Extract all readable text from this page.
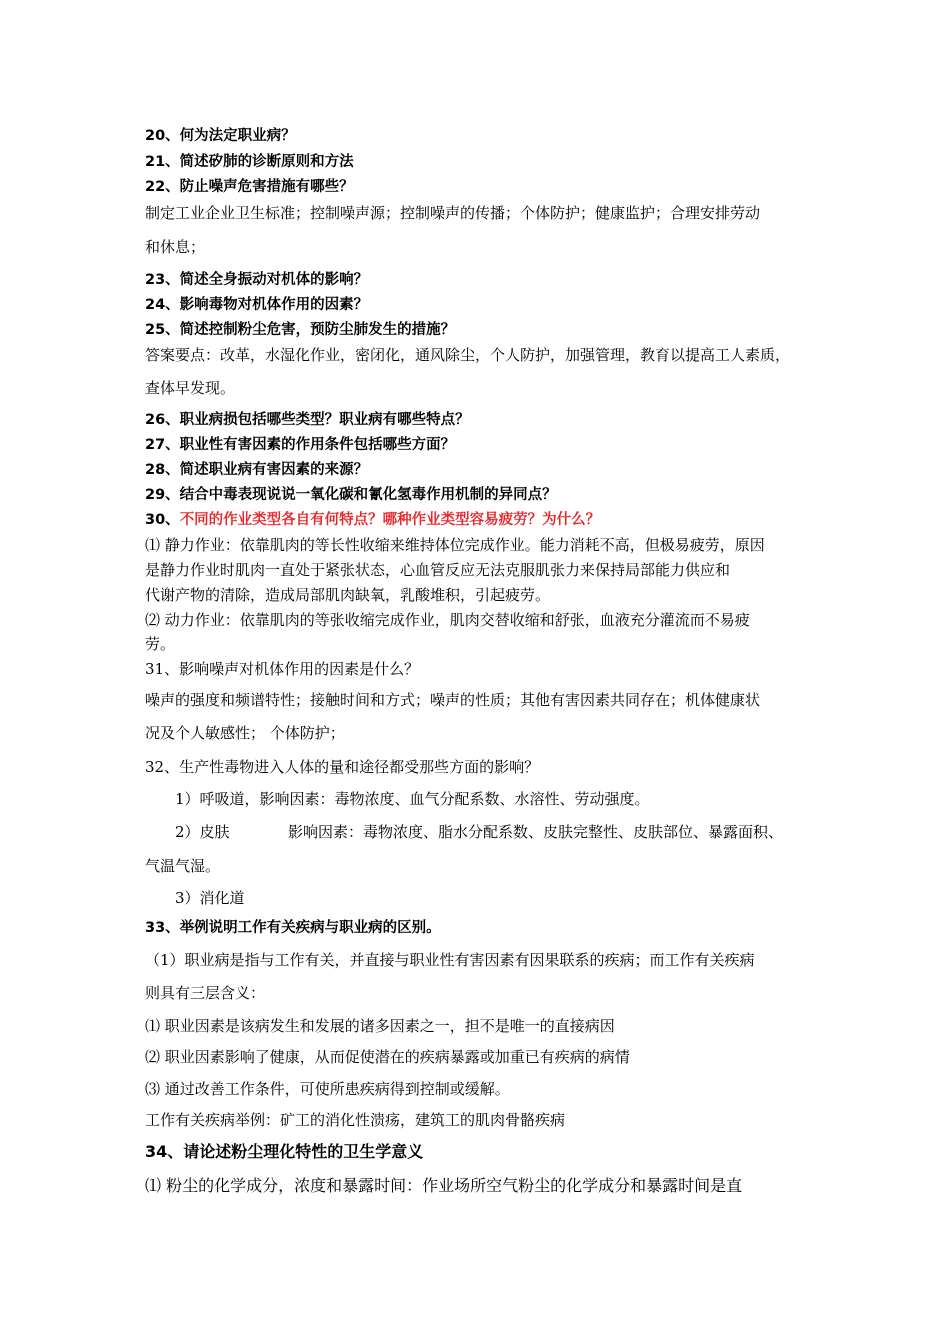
20、何为法定职业病？
21、简述矽肺的诊断原则和方法
22、防止噪声危害措施有哪些？
制定工业企业卫生标准；控制噪声源；控制噪声的传播；个体防护；健康监护；合理安排劳动
和休息；
23、简述全身振动对机体的影响？
24、影响毒物对机体作用的因素？
25、简述控制粉尘危害，预防尘肺发生的措施？
答案要点：改革，水湿化作业，密闭化，通风除尘，个人防护，加强管理，教育以提高工人素质，
查体早发现。
26、职业病损包括哪些类型？职业病有哪些特点？
27、职业性有害因素的作用条件包括哪些方面？
28、简述职业病有害因素的来源？
29、结合中毒表现说说一氧化碳和氰化氢毒作用机制的异同点？
30、不同的作业类型各自有何特点？哪种作业类型容易疲劳？为什么？
⑴ 静力作业：依靠肌肉的等长性收缩来维持体位完成作业。能力消耗不高，但极易疲劳，原因
是静力作业时肌肉一直处于紧张状态，心血管反应无法克服肌张力来保持局部能力供应和
代谢产物的清除，造成局部肌肉缺氧，乳酸堆积，引起疲劳。
⑵ 动力作业：依靠肌肉的等张收缩完成作业，肌肉交替收缩和舒张，血液充分灌流而不易疲
劳。
31、影响噪声对机体作用的因素是什么？
噪声的强度和频谱特性；接触时间和方式；噪声的性质；其他有害因素共同存在；机体健康状
况及个人敏感性； 个体防护；
32、生产性毒物进入人体的量和途径都受那些方面的影响？
1）呼吸道，影响因素：毒物浓度、血气分配系数、水溶性、劳动强度。
2）皮肤	影响因素：毒物浓度、脂水分配系数、皮肤完整性、皮肤部位、暴露面积、
气温气湿。
3）消化道
33、举例说明工作有关疾病与职业病的区别。
（1）职业病是指与工作有关，并直接与职业性有害因素有因果联系的疾病；而工作有关疾病
则具有三层含义：
⑴ 职业因素是该病发生和发展的诸多因素之一，担不是唯一的直接病因
⑵ 职业因素影响了健康，从而促使潜在的疾病暴露或加重已有疾病的病情
⑶ 通过改善工作条件，可使所患疾病得到控制或缓解。
工作有关疾病举例：矿工的消化性溃疡，建筑工的肌肉骨骼疾病
34、请论述粉尘理化特性的卫生学意义
⑴ 粉尘的化学成分，浓度和暴露时间：作业场所空气粉尘的化学成分和暴露时间是直
